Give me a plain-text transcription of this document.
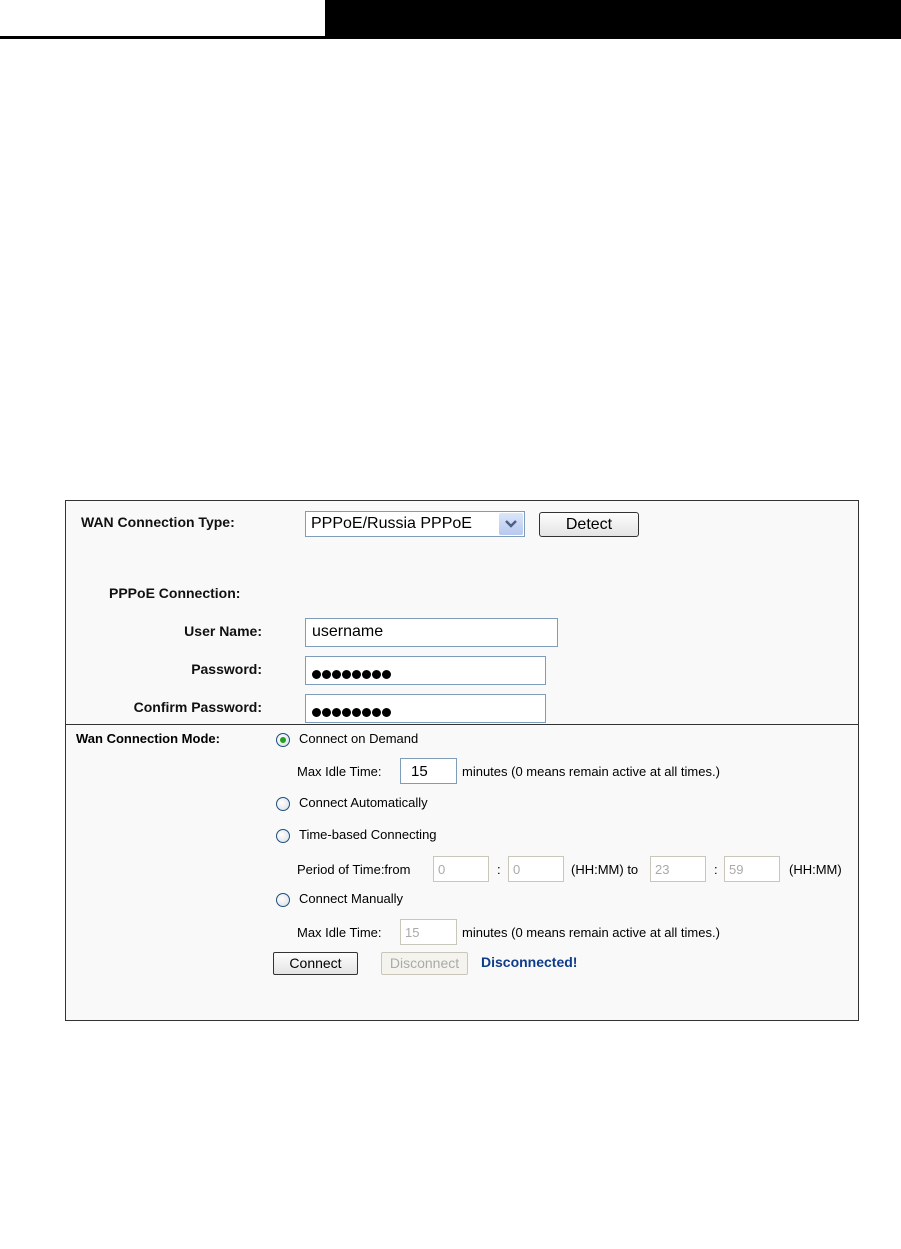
WAN Connection Type:	PPPoE/Russia PPPoE	Detect
PPPoE Connection:
User Name:	username
Password:
Confirm Password:
Wan Connection Mode:	Connect on Demand
Max Idle Time: 15	minutes (0 means remain active at all times.)
Connect Automatically
Time-based Connecting
Period of Time:from 0	: 0	(HH:MM) to 23	: 59	(HH:MM)
Connect Manually
Max Idle Time: 15	minutes (0 means remain active at all times.)
Connect	Disconnect	Disconnected!
